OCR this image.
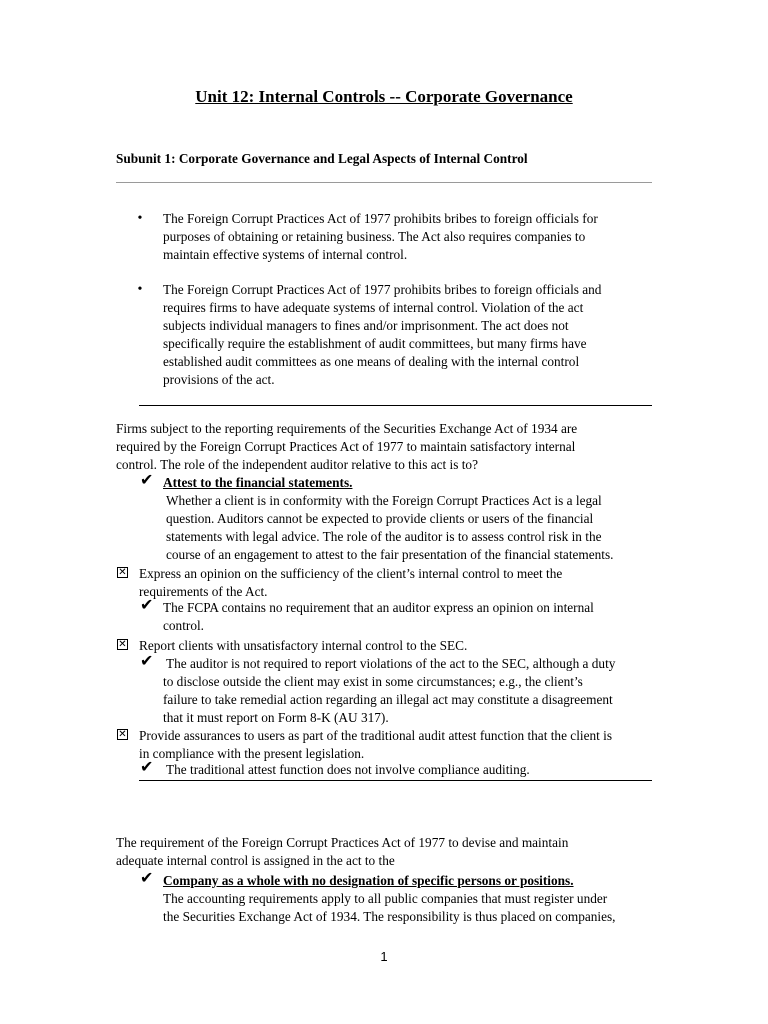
Unit 12: Internal Controls -- Corporate Governance
Subunit 1: Corporate Governance and Legal Aspects of Internal Control
• The Foreign Corrupt Practices Act of 1977 prohibits bribes to foreign officials for
purposes of obtaining or retaining business. The Act also requires companies to
maintain effective systems of internal control.
• The Foreign Corrupt Practices Act of 1977 prohibits bribes to foreign officials and
requires firms to have adequate systems of internal control. Violation of the act
subjects individual managers to fines and/or imprisonment. The act does not
specifically require the establishment of audit committees, but many firms have
established audit committees as one means of dealing with the internal control
provisions of the act.
Firms subject to the reporting requirements of the Securities Exchange Act of 1934 are
required by the Foreign Corrupt Practices Act of 1977 to maintain satisfactory internal
control. The role of the independent auditor relative to this act is to?
✔ Attest to the financial statements.
Whether a client is in conformity with the Foreign Corrupt Practices Act is a legal
question. Auditors cannot be expected to provide clients or users of the financial
statements with legal advice. The role of the auditor is to assess control risk in the
course of an engagement to attest to the fair presentation of the financial statements.
✕ Express an opinion on the sufficiency of the client’s internal control to meet the
requirements of the Act.
✔ The FCPA contains no requirement that an auditor express an opinion on internal
control.
✕ Report clients with unsatisfactory internal control to the SEC.
✔ The auditor is not required to report violations of the act to the SEC, although a duty
to disclose outside the client may exist in some circumstances; e.g., the client’s
failure to take remedial action regarding an illegal act may constitute a disagreement
that it must report on Form 8-K (AU 317).
✕ Provide assurances to users as part of the traditional audit attest function that the client is
in compliance with the present legislation.
✔ The traditional attest function does not involve compliance auditing.
The requirement of the Foreign Corrupt Practices Act of 1977 to devise and maintain
adequate internal control is assigned in the act to the
✔ Company as a whole with no designation of specific persons or positions.
The accounting requirements apply to all public companies that must register under
the Securities Exchange Act of 1934. The responsibility is thus placed on companies,
1
